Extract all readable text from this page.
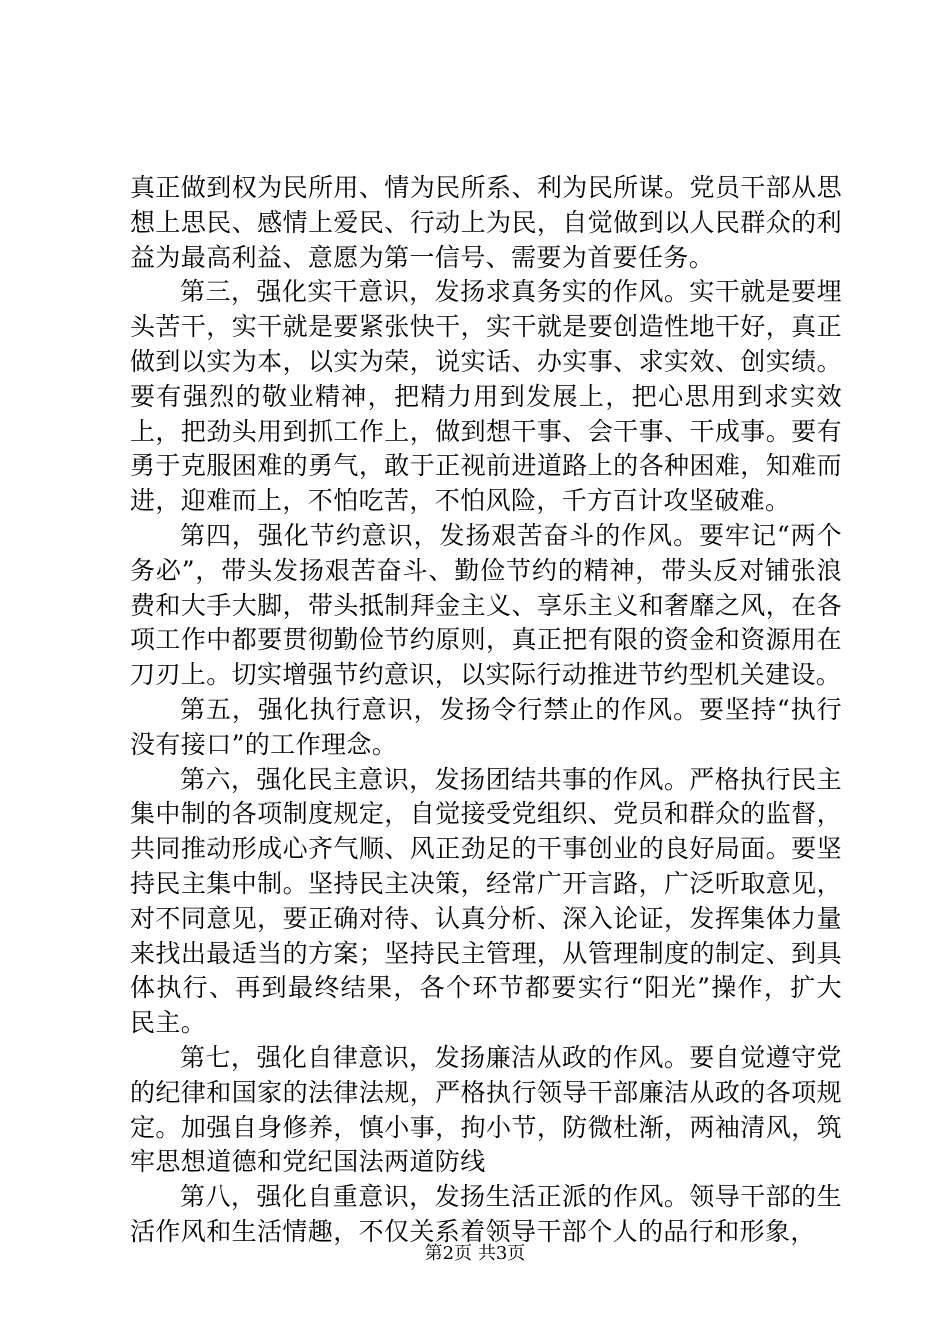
真正做到权为民所用、情为民所系、利为民所谋。党员干部从思想上思民、感情上爱民、行动上为民，自觉做到以人民群众的利益为最高利益、意愿为第一信号、需要为首要任务。

第三，强化实干意识，发扬求真务实的作风。实干就是要埋头苦干，实干就是要紧张快干，实干就是要创造性地干好，真正做到以实为本，以实为荣，说实话、办实事、求实效、创实绩。要有强烈的敬业精神，把精力用到发展上，把心思用到求实效上，把劲头用到抓工作上，做到想干事、会干事、干成事。要有勇于克服困难的勇气，敢于正视前进道路上的各种困难，知难而进，迎难而上，不怕吃苦，不怕风险，千方百计攻坚破难。

第四，强化节约意识，发扬艰苦奋斗的作风。要牢记“两个务必”，带头发扬艰苦奋斗、勤俭节约的精神，带头反对铺张浪费和大手大脚，带头抵制拜金主义、享乐主义和奢靡之风，在各项工作中都要贯彻勤俭节约原则，真正把有限的资金和资源用在刀刃上。切实增强节约意识，以实际行动推进节约型机关建设。

第五，强化执行意识，发扬令行禁止的作风。要坚持“执行没有接口”的工作理念。

第六，强化民主意识，发扬团结共事的作风。严格执行民主集中制的各项制度规定，自觉接受党组织、党员和群众的监督，共同推动形成心齐气顺、风正劲足的干事创业的良好局面。要坚持民主集中制。坚持民主决策，经常广开言路，广泛听取意见，对不同意见，要正确对待、认真分析、深入论证，发挥集体力量来找出最适当的方案；坚持民主管理，从管理制度的制定、到具体执行、再到最终结果，各个环节都要实行“阳光”操作，扩大民主。

第七，强化自律意识，发扬廉洁从政的作风。要自觉遵守党的纪律和国家的法律法规，严格执行领导干部廉洁从政的各项规定。加强自身修养，慎小事，拘小节，防微杜渐，两袖清风，筑牢思想道德和党纪国法两道防线

第八，强化自重意识，发扬生活正派的作风。领导干部的生活作风和生活情趣，不仅关系着领导干部个人的品行和形象，

第2页 共3页
